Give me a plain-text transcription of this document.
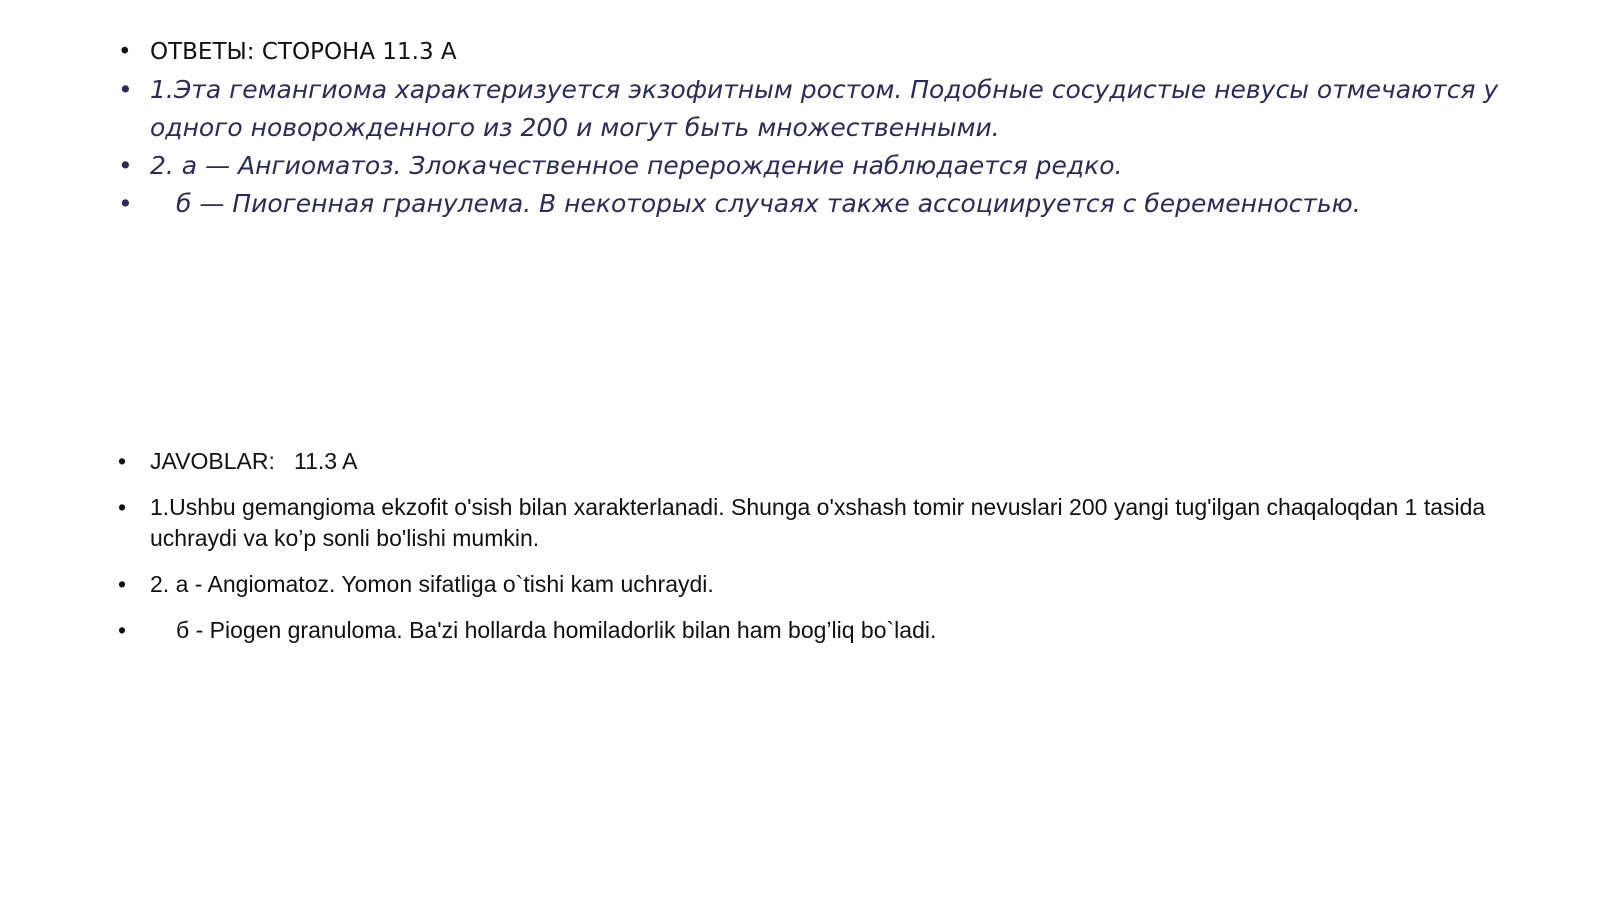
• ОТВЕТЫ: СТОРОНА 11.3 А
• 1.Эта гемангиома характеризуется экзофитным ростом. Подобные сосудистые невусы отмечаются у одного новорожденного из 200 и могут быть множественными.
• 2. а — Ангиоматоз. Злокачественное перерождение наблюдается редко.
• б — Пиогенная гранулема. В некоторых случаях также ассоциируется с беременностью.
• JAVOBLAR:   11.3 A
• 1.Ushbu gemangioma ekzofit o'sish bilan xarakterlanadi. Shunga o'xshash tomir nevuslari 200 yangi tug'ilgan chaqaloqdan 1 tasida uchraydi va ko’p sonli bo'lishi mumkin.
• 2. a - Angiomatoz. Yomon sifatliga o`tishi kam uchraydi.
• б - Piogen granuloma. Ba'zi hollarda homiladorlik bilan ham bog’liq bo`ladi.
